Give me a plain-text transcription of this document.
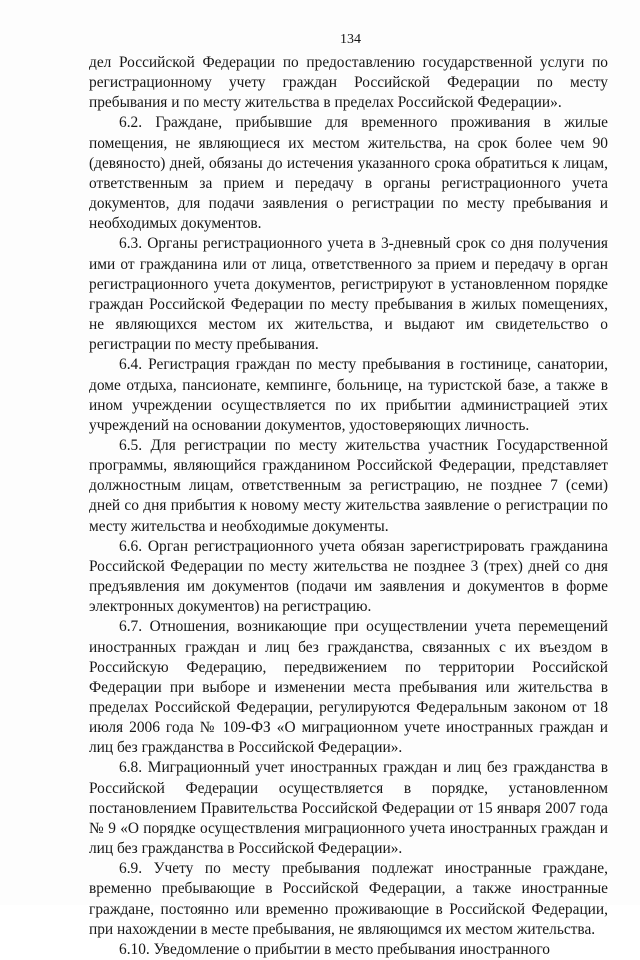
134

дел Российской Федерации по предоставлению государственной услуги по регистрационному учету граждан Российской Федерации по месту пребывания и по месту жительства в пределах Российской Федерации».

6.2. Граждане, прибывшие для временного проживания в жилые помещения, не являющиеся их местом жительства, на срок более чем 90 (девяносто) дней, обязаны до истечения указанного срока обратиться к лицам, ответственным за прием и передачу в органы регистрационного учета документов, для подачи заявления о регистрации по месту пребывания и необходимых документов.

6.3. Органы регистрационного учета в 3-дневный срок со дня получения ими от гражданина или от лица, ответственного за прием и передачу в орган регистрационного учета документов, регистрируют в установленном порядке граждан Российской Федерации по месту пребывания в жилых помещениях, не являющихся местом их жительства, и выдают им свидетельство о регистрации по месту пребывания.

6.4. Регистрация граждан по месту пребывания в гостинице, санатории, доме отдыха, пансионате, кемпинге, больнице, на туристской базе, а также в ином учреждении осуществляется по их прибытии администрацией этих учреждений на основании документов, удостоверяющих личность.

6.5. Для регистрации по месту жительства участник Государственной программы, являющийся гражданином Российской Федерации, представляет должностным лицам, ответственным за регистрацию, не позднее 7 (семи) дней со дня прибытия к новому месту жительства заявление о регистрации по месту жительства и необходимые документы.

6.6. Орган регистрационного учета обязан зарегистрировать гражданина Российской Федерации по месту жительства не позднее 3 (трех) дней со дня предъявления им документов (подачи им заявления и документов в форме электронных документов) на регистрацию.

6.7. Отношения, возникающие при осуществлении учета перемещений иностранных граждан и лиц без гражданства, связанных с их въездом в Российскую Федерацию, передвижением по территории Российской Федерации при выборе и изменении места пребывания или жительства в пределах Российской Федерации, регулируются Федеральным законом от 18 июля 2006 года № 109-ФЗ «О миграционном учете иностранных граждан и лиц без гражданства в Российской Федерации».

6.8. Миграционный учет иностранных граждан и лиц без гражданства в Российской Федерации осуществляется в порядке, установленном постановлением Правительства Российской Федерации от 15 января 2007 года № 9 «О порядке осуществления миграционного учета иностранных граждан и лиц без гражданства в Российской Федерации».

6.9. Учету по месту пребывания подлежат иностранные граждане, временно пребывающие в Российской Федерации, а также иностранные граждане, постоянно или временно проживающие в Российской Федерации, при нахождении в месте пребывания, не являющимся их местом жительства.

6.10. Уведомление о прибытии в место пребывания иностранного
